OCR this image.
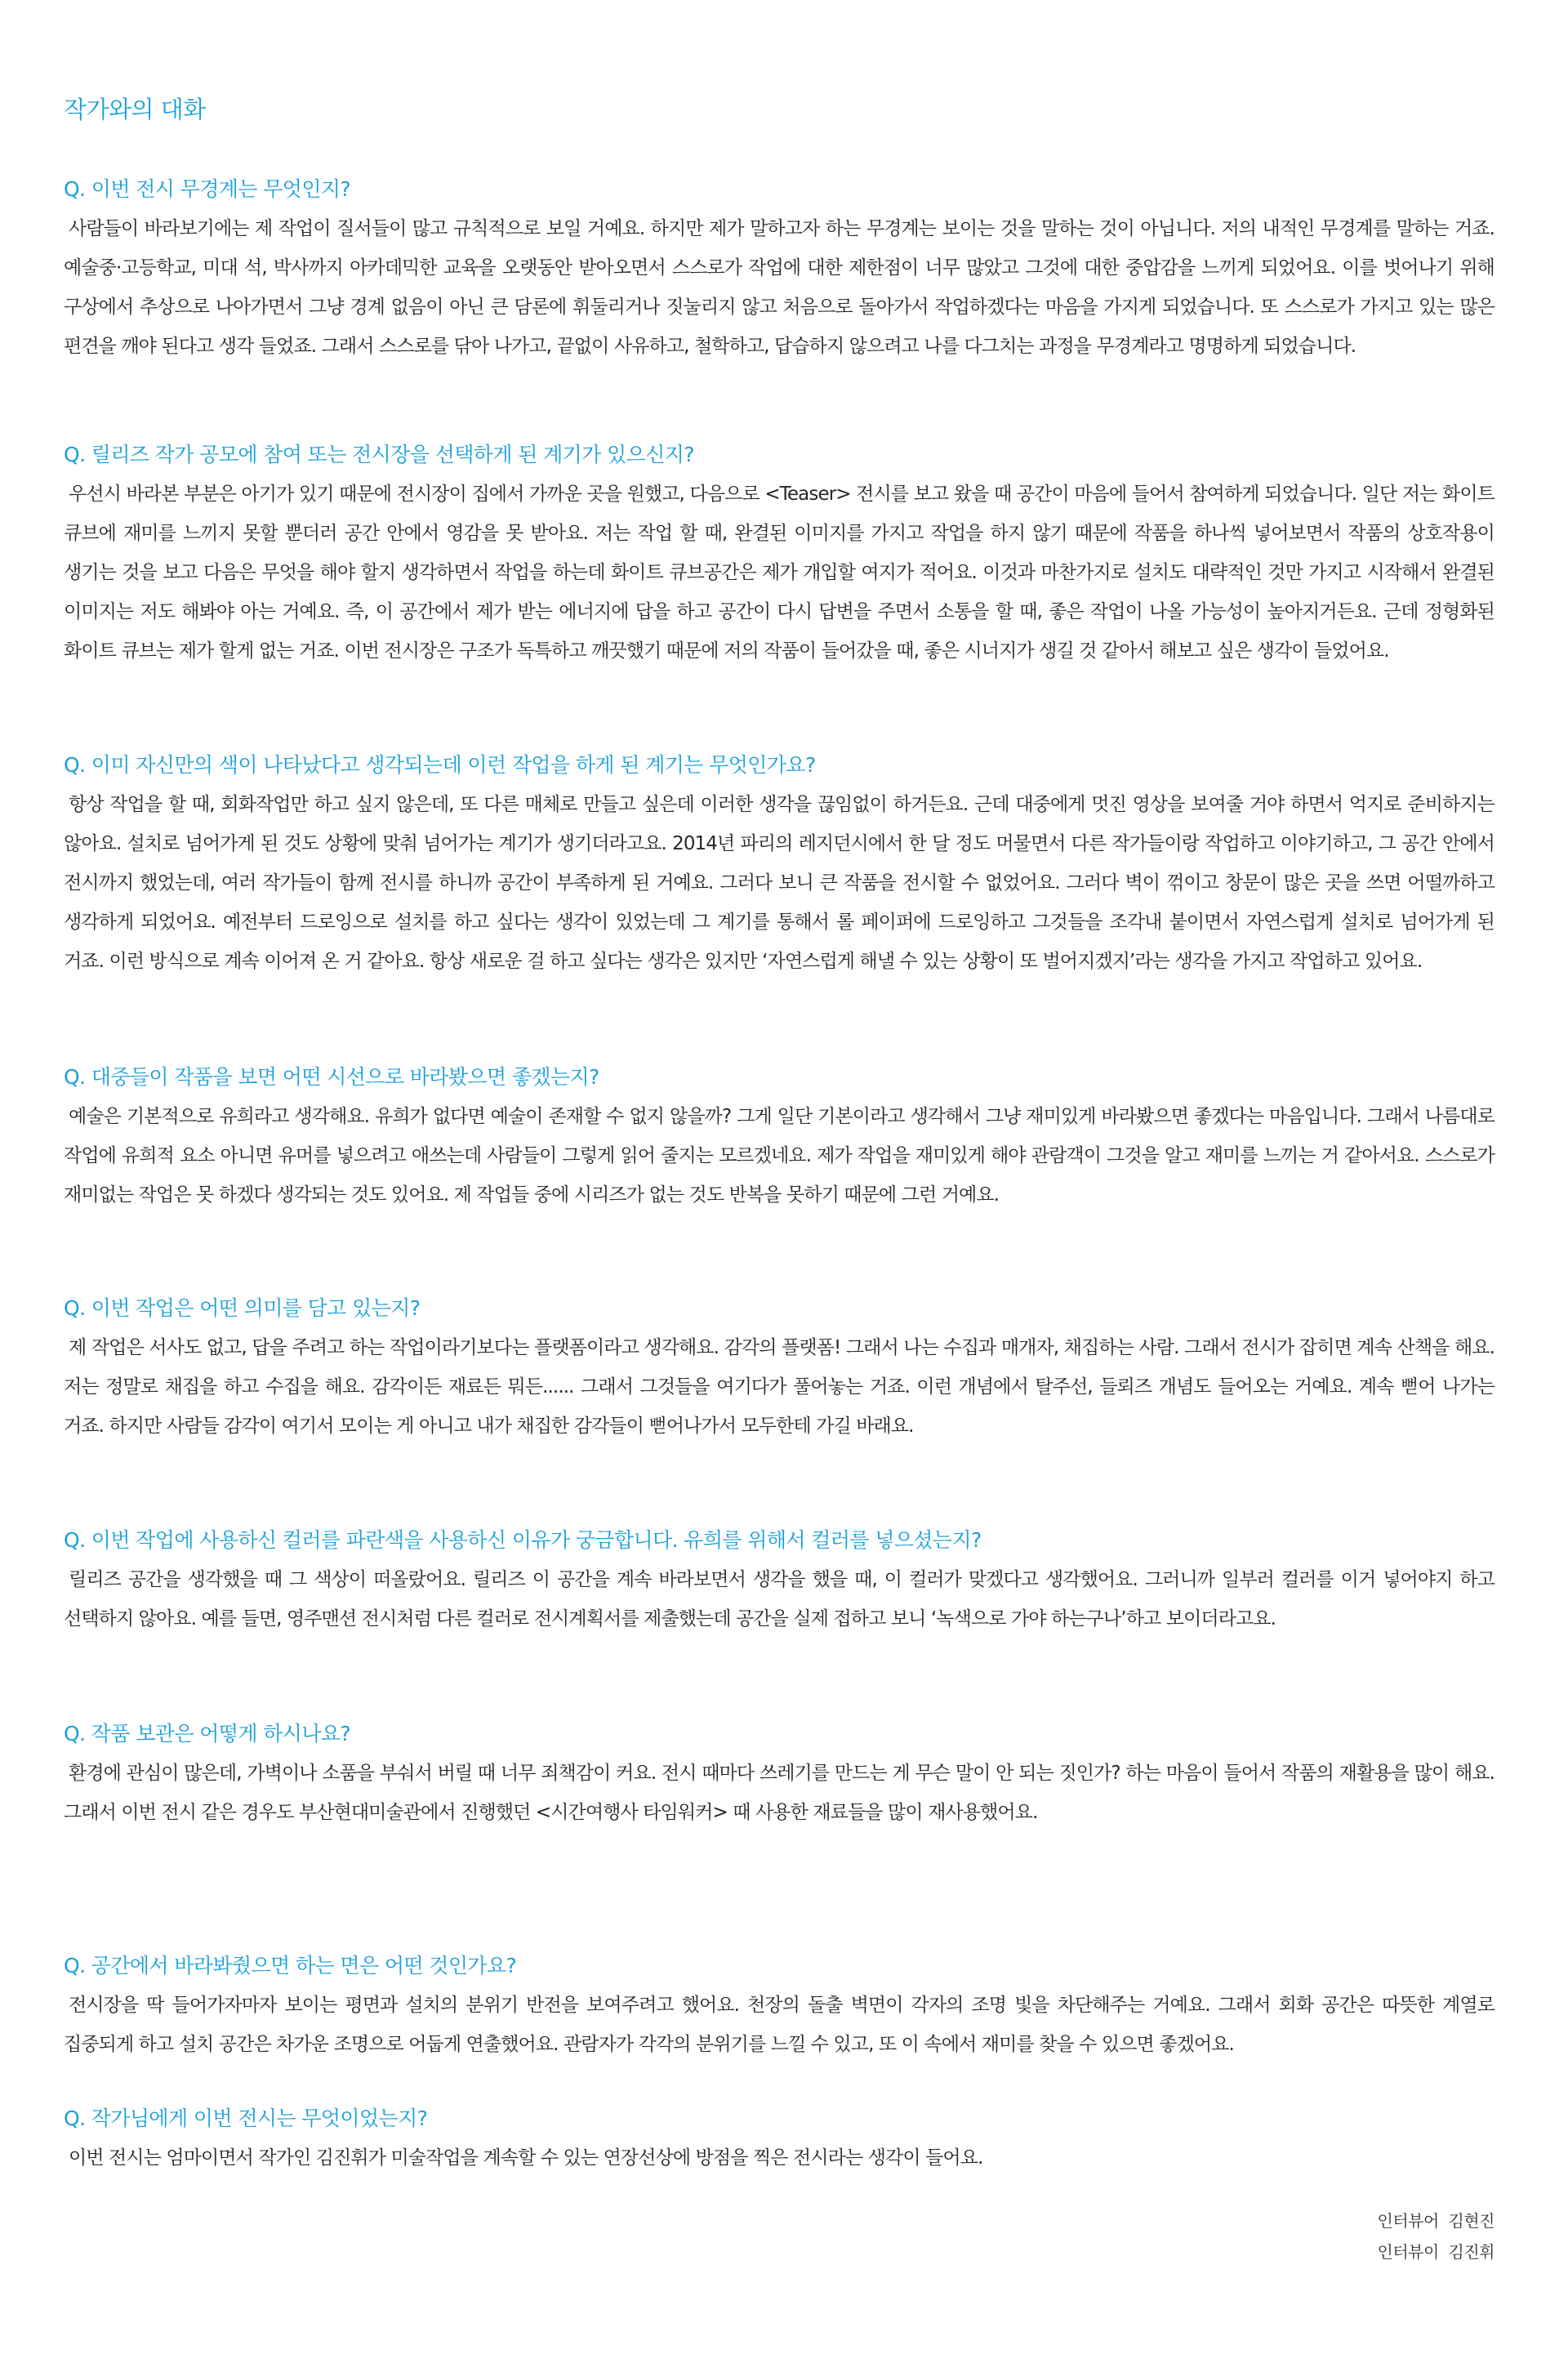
작가와의 대화
Q. 이번 전시 무경계는 무엇인지?

사람들이 바라보기에는 제 작업이 질서들이 많고 규칙적으로 보일 거예요. 하지만 제가 말하고자 하는 무경계는 보이는 것을 말하는 것이 아닙니다. 저의 내적인 무경계를 말하는 거죠. 예술중·고등학교, 미대 석, 박사까지 아카데믹한 교육을 오랫동안 받아오면서 스스로가 작업에 대한 제한점이 너무 많았고 그것에 대한 중압감을 느끼게 되었어요. 이를 벗어나기 위해 구상에서 추상으로 나아가면서 그냥 경계 없음이 아닌 큰 담론에 휘둘리거나 짓눌리지 않고 처음으로 돌아가서 작업하겠다는 마음을 가지게 되었습니다. 또 스스로가 가지고 있는 많은 편견을 깨야 된다고 생각 들었죠. 그래서 스스로를 닦아 나가고, 끝없이 사유하고, 철학하고, 답습하지 않으려고 나를 다그치는 과정을 무경계라고 명명하게 되었습니다.

Q. 릴리즈 작가 공모에 참여 또는 전시장을 선택하게 된 계기가 있으신지?

우선시 바라본 부분은 아기가 있기 때문에 전시장이 집에서 가까운 곳을 원했고, 다음으로 <Teaser> 전시를 보고 왔을 때 공간이 마음에 들어서 참여하게 되었습니다. 일단 저는 화이트 큐브에 재미를 느끼지 못할 뿐더러 공간 안에서 영감을 못 받아요. 저는 작업 할 때, 완결된 이미지를 가지고 작업을 하지 않기 때문에 작품을 하나씩 넣어보면서 작품의 상호작용이 생기는 것을 보고 다음은 무엇을 해야 할지 생각하면서 작업을 하는데 화이트 큐브공간은 제가 개입할 여지가 적어요. 이것과 마찬가지로 설치도 대략적인 것만 가지고 시작해서 완결된 이미지는 저도 해봐야 아는 거예요. 즉, 이 공간에서 제가 받는 에너지에 답을 하고 공간이 다시 답변을 주면서 소통을 할 때, 좋은 작업이 나올 가능성이 높아지거든요. 근데 정형화된 화이트 큐브는 제가 할게 없는 거죠. 이번 전시장은 구조가 독특하고 깨끗했기 때문에 저의 작품이 들어갔을 때, 좋은 시너지가 생길 것 같아서 해보고 싶은 생각이 들었어요.

Q. 이미 자신만의 색이 나타났다고 생각되는데 이런 작업을 하게 된 계기는 무엇인가요?

항상 작업을 할 때, 회화작업만 하고 싶지 않은데, 또 다른 매체로 만들고 싶은데 이러한 생각을 끊임없이 하거든요. 근데 대중에게 멋진 영상을 보여줄 거야 하면서 억지로 준비하지는 않아요. 설치로 넘어가게 된 것도 상황에 맞춰 넘어가는 계기가 생기더라고요. 2014년 파리의 레지던시에서 한 달 정도 머물면서 다른 작가들이랑 작업하고 이야기하고, 그 공간 안에서 전시까지 했었는데, 여러 작가들이 함께 전시를 하니까 공간이 부족하게 된 거예요. 그러다 보니 큰 작품을 전시할 수 없었어요. 그러다 벽이 꺾이고 창문이 많은 곳을 쓰면 어떨까하고 생각하게 되었어요. 예전부터 드로잉으로 설치를 하고 싶다는 생각이 있었는데 그 계기를 통해서 롤 페이퍼에 드로잉하고 그것들을 조각내 붙이면서 자연스럽게 설치로 넘어가게 된 거죠. 이런 방식으로 계속 이어져 온 거 같아요. 항상 새로운 걸 하고 싶다는 생각은 있지만 ‘자연스럽게 해낼 수 있는 상황이 또 벌어지겠지’라는 생각을 가지고 작업하고 있어요.

Q. 대중들이 작품을 보면 어떤 시선으로 바라봤으면 좋겠는지?

예술은 기본적으로 유희라고 생각해요. 유희가 없다면 예술이 존재할 수 없지 않을까? 그게 일단 기본이라고 생각해서 그냥 재미있게 바라봤으면 좋겠다는 마음입니다. 그래서 나름대로 작업에 유희적 요소 아니면 유머를 넣으려고 애쓰는데 사람들이 그렇게 읽어 줄지는 모르겠네요. 제가 작업을 재미있게 해야 관람객이 그것을 알고 재미를 느끼는 거 같아서요. 스스로가 재미없는 작업은 못 하겠다 생각되는 것도 있어요. 제 작업들 중에 시리즈가 없는 것도 반복을 못하기 때문에 그런 거예요.

Q. 이번 작업은 어떤 의미를 담고 있는지?

제 작업은 서사도 없고, 답을 주려고 하는 작업이라기보다는 플랫폼이라고 생각해요. 감각의 플랫폼! 그래서 나는 수집과 매개자, 채집하는 사람. 그래서 전시가 잡히면 계속 산책을 해요. 저는 정말로 채집을 하고 수집을 해요. 감각이든 재료든 뭐든...... 그래서 그것들을 여기다가 풀어놓는 거죠. 이런 개념에서 탈주선, 들뢰즈 개념도 들어오는 거예요. 계속 뻗어 나가는 거죠. 하지만 사람들 감각이 여기서 모이는 게 아니고 내가 채집한 감각들이 뻗어나가서 모두한테 가길 바래요.

Q. 이번 작업에 사용하신 컬러를 파란색을 사용하신 이유가 궁금합니다. 유희를 위해서 컬러를 넣으셨는지?

릴리즈 공간을 생각했을 때 그 색상이 떠올랐어요. 릴리즈 이 공간을 계속 바라보면서 생각을 했을 때, 이 컬러가 맞겠다고 생각했어요. 그러니까 일부러 컬러를 이거 넣어야지 하고 선택하지 않아요. 예를 들면, 영주맨션 전시처럼 다른 컬러로 전시계획서를 제출했는데 공간을 실제 접하고 보니 ‘녹색으로 가야 하는구나’하고 보이더라고요.

Q. 작품 보관은 어떻게 하시나요?

환경에 관심이 많은데, 가벽이나 소품을 부숴서 버릴 때 너무 죄책감이 커요. 전시 때마다 쓰레기를 만드는 게 무슨 말이 안 되는 짓인가? 하는 마음이 들어서 작품의 재활용을 많이 해요. 그래서 이번 전시 같은 경우도 부산현대미술관에서 진행했던 <시간여행사 타임워커> 때 사용한 재료들을 많이 재사용했어요.

Q. 공간에서 바라봐줬으면 하는 면은 어떤 것인가요?

전시장을 딱 들어가자마자 보이는 평면과 설치의 분위기 반전을 보여주려고 했어요. 천장의 돌출 벽면이 각자의 조명 빛을 차단해주는 거예요. 그래서 회화 공간은 따뜻한 계열로 집중되게 하고 설치 공간은 차가운 조명으로 어둡게 연출했어요. 관람자가 각각의 분위기를 느낄 수 있고, 또 이 속에서 재미를 찾을 수 있으면 좋겠어요.

Q. 작가님에게 이번 전시는 무엇이었는지?

이번 전시는 엄마이면서 작가인 김진휘가 미술작업을 계속할 수 있는 연장선상에 방점을 찍은 전시라는 생각이 들어요.

인터뷰어  김현진
인터뷰이  김진휘
